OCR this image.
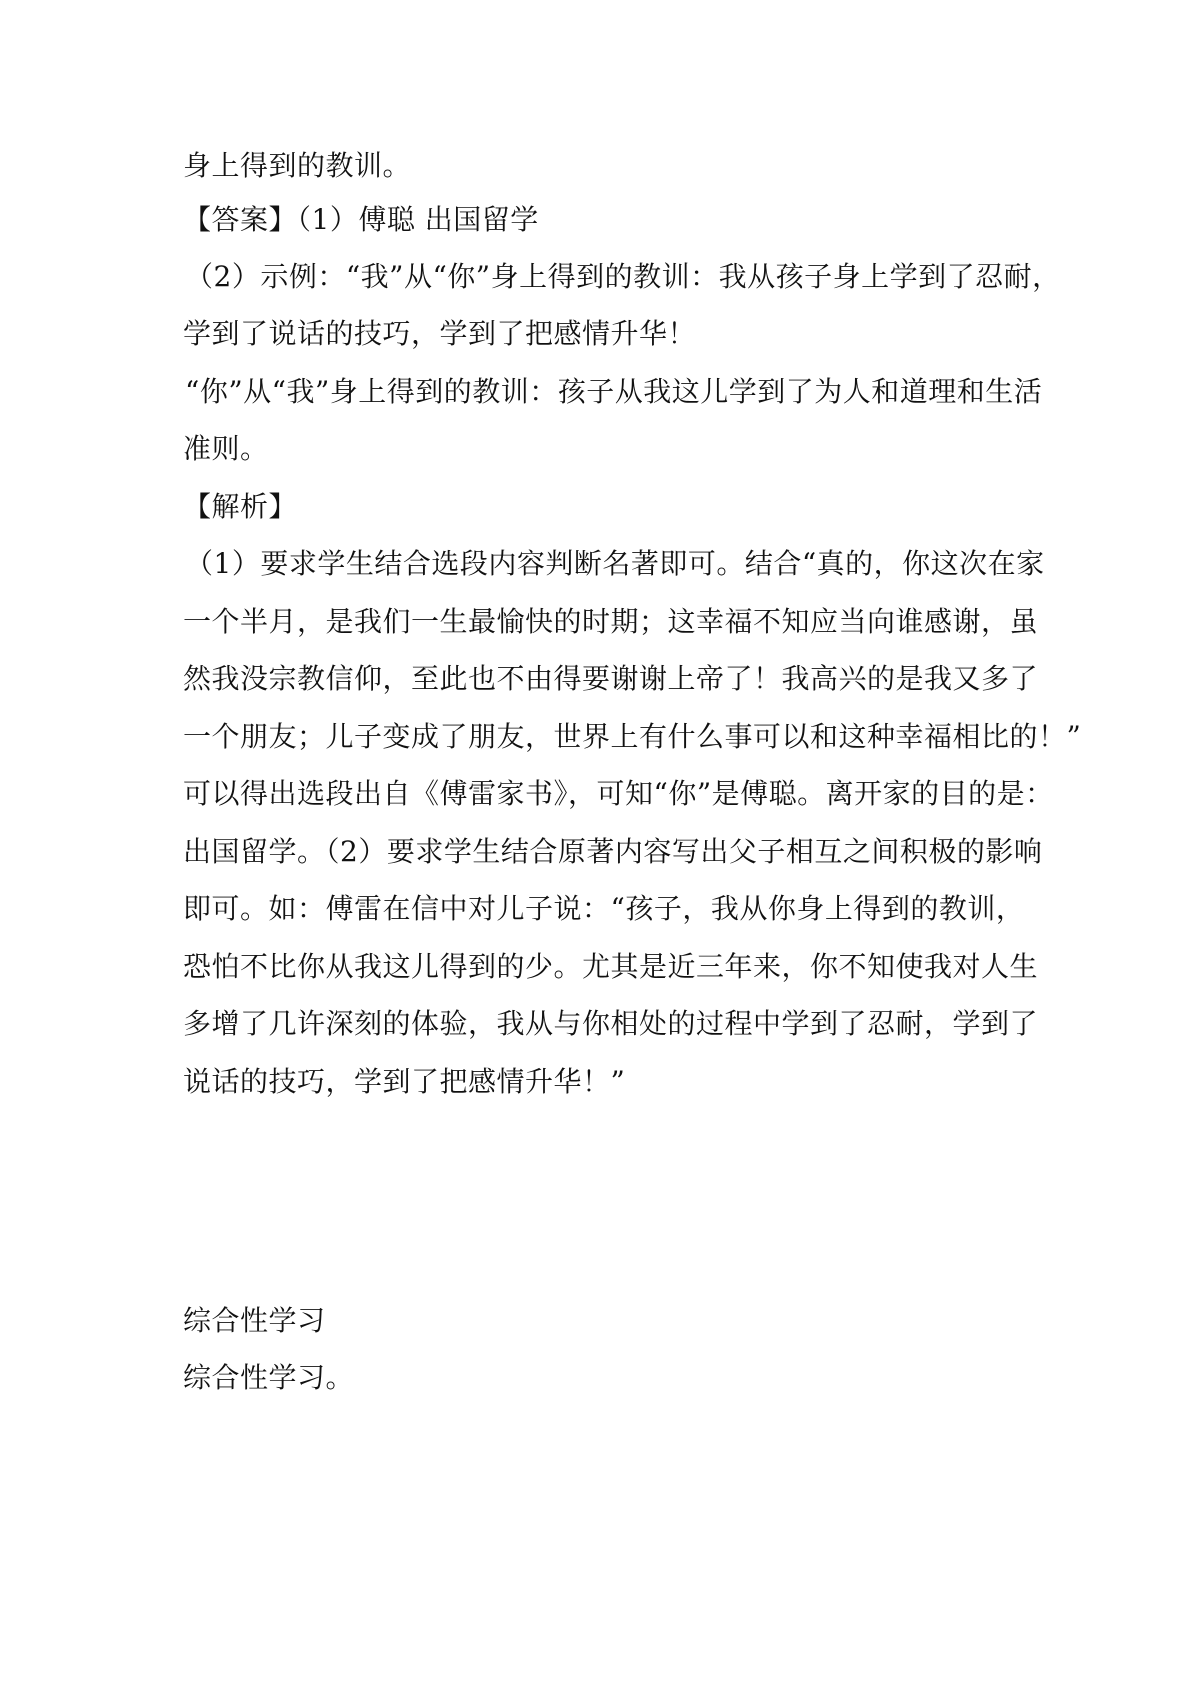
身上得到的教训。
【答案】（1）傅聪 出国留学
（2）示例：“我”从“你”身上得到的教训：我从孩子身上学到了忍耐，
学到了说话的技巧，学到了把感情升华！
“你”从“我”身上得到的教训：孩子从我这儿学到了为人和道理和生活
准则。
【解析】
（1）要求学生结合选段内容判断名著即可。结合“真的，你这次在家
一个半月，是我们一生最愉快的时期；这幸福不知应当向谁感谢，虽
然我没宗教信仰，至此也不由得要谢谢上帝了！我高兴的是我又多了
一个朋友；儿子变成了朋友，世界上有什么事可以和这种幸福相比的！”
可以得出选段出自《傅雷家书》，可知“你”是傅聪。离开家的目的是：
出国留学。（2）要求学生结合原著内容写出父子相互之间积极的影响
即可。如：傅雷在信中对儿子说：“孩子，我从你身上得到的教训，
恐怕不比你从我这儿得到的少。尤其是近三年来，你不知使我对人生
多增了几许深刻的体验，我从与你相处的过程中学到了忍耐，学到了
说话的技巧，学到了把感情升华！”
综合性学习
综合性学习。
